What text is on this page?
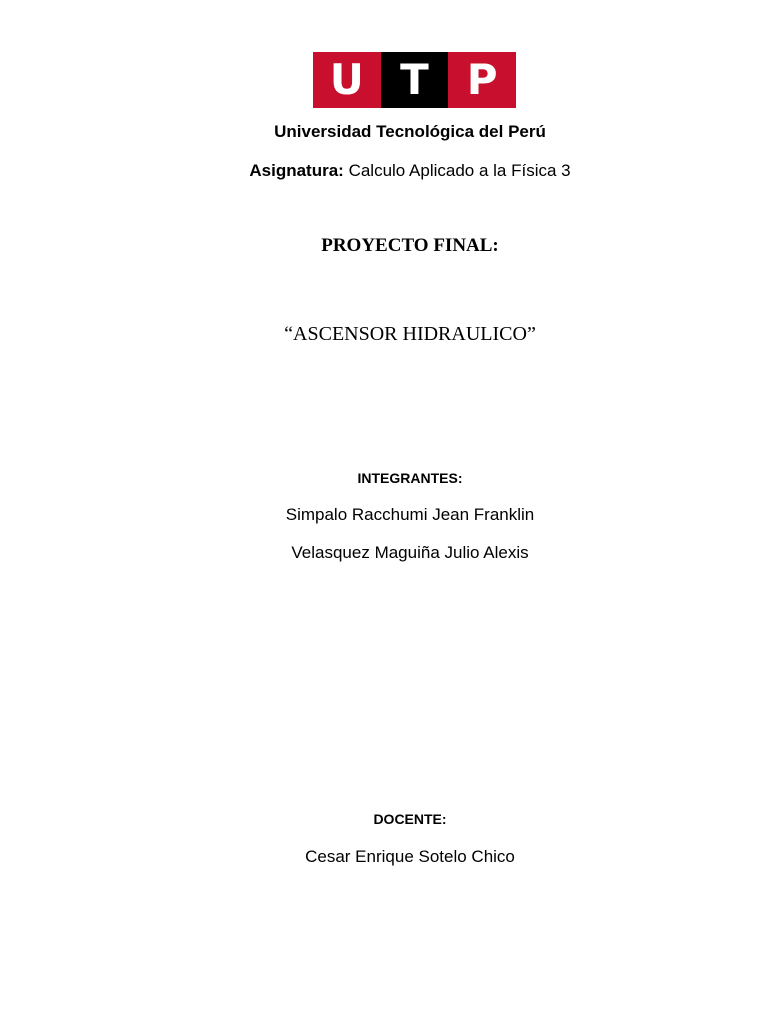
U T P
Universidad Tecnológica del Perú
Asignatura: Calculo Aplicado a la Física 3
PROYECTO FINAL:
“ASCENSOR HIDRAULICO”
INTEGRANTES:
Simpalo Racchumi Jean Franklin
Velasquez Maguiña Julio Alexis
DOCENTE:
Cesar Enrique Sotelo Chico
